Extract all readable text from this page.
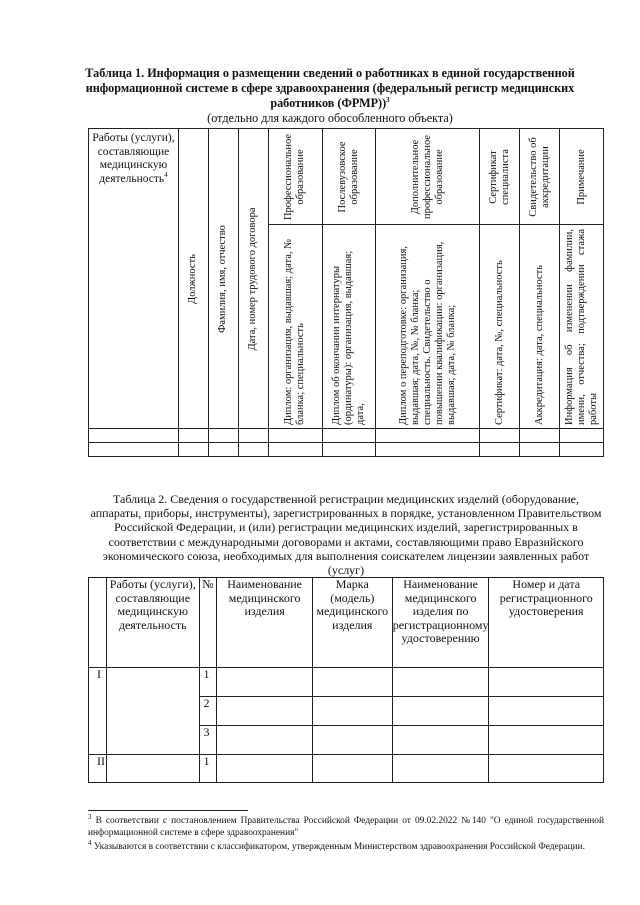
Таблица 1. Информация о размещении сведений о работниках в единой государственной информационной системе в сфере здравоохранения (федеральный регистр медицинских работников (ФРМР))$^3$
(отдельно для каждого обособленного объекта)
Работы (услуги), составляющие медицинскую деятельность$^4$	Должность	Фамилия, имя, отчество	Дата, номер трудового договора	Профессиональное образование	Послевузовское образование	Дополнительное профессиональное образование	Сертификат специалиста	Свидетельство об аккредитации	Примечание

				Диплом: организация, выдавшая; дата, № бланка; специальность	Диплом об окончании интернатуры (ординатуры): организация, выдавшая; дата,	Диплом о переподготовке: организация, выдавшая; дата, №, № бланка; специальность. Свидетельство о повышении квалификации: организация, выдавшая; дата, № бланка;	Сертификат: дата, №, специальность	Аккредитация: дата, специальность	Информация об изменении фамилии, имени, отчества; подтверждении стажа работы

Таблица 2. Сведения о государственной регистрации медицинских изделий (оборудование, аппараты, приборы, инструменты), зарегистрированных в порядке, установленном Правительством Российской Федерации, и (или) регистрации медицинских изделий, зарегистрированных в соответствии с международными договорами и актами, составляющими право Евразийского экономического союза, необходимых для выполнения соискателем лицензии заявленных работ (услуг)
	Работы (услуги), составляющие медицинскую деятельность	№	Наименование медицинского изделия	Марка (модель) медицинского изделия	Наименование медицинского изделия по регистрационному удостоверению	Номер и дата регистрационного удостоверения
I		1				
		2				
		3				
II		1				
$^3$ В соответствии с постановлением Правительства Российской Федерации от 09.02.2022 №140 "О единой государственной информационной системе в сфере здравоохранения"
$^4$ Указываются в соответствии с классификатором, утвержденным Министерством здравоохранения Российской Федерации.
